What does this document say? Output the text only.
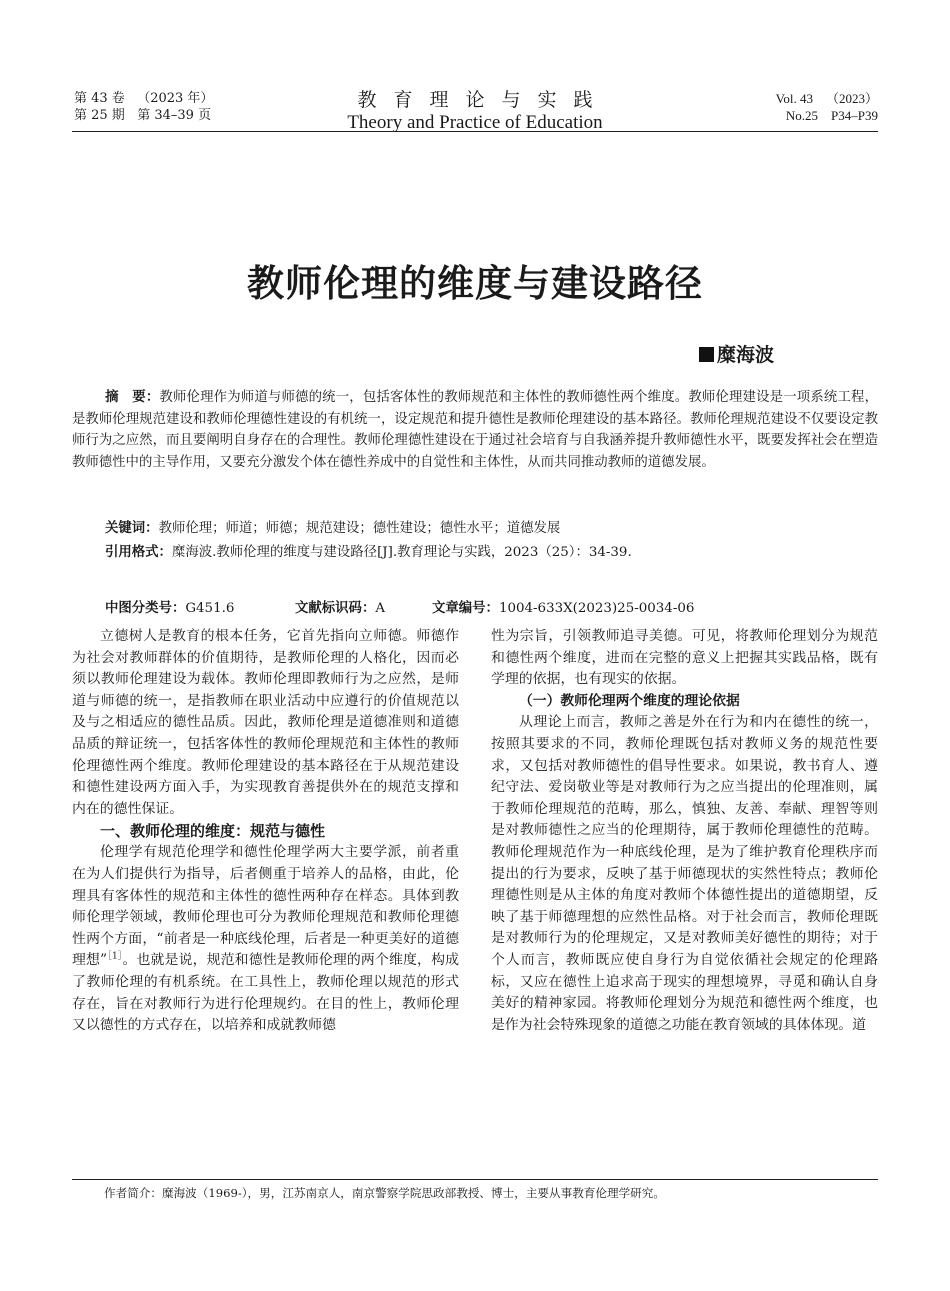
第 43 卷 （2023 年）
第 25 期 第 34–39 页
教育理论与实践
Theory and Practice of Education
Vol. 43 （2023）
No.25 P34–P39
教师伦理的维度与建设路径
糜海波
摘　要：教师伦理作为师道与师德的统一，包括客体性的教师规范和主体性的教师德性两个维度。教师伦理建设是一项系统工程，是教师伦理规范建设和教师伦理德性建设的有机统一，设定规范和提升德性是教师伦理建设的基本路径。教师伦理规范建设不仅要设定教师行为之应然，而且要阐明自身存在的合理性。教师伦理德性建设在于通过社会培育与自我涵养提升教师德性水平，既要发挥社会在塑造教师德性中的主导作用，又要充分激发个体在德性养成中的自觉性和主体性，从而共同推动教师的道德发展。
关键词：教师伦理；师道；师德；规范建设；德性建设；德性水平；道德发展
引用格式：糜海波.教师伦理的维度与建设路径[J].教育理论与实践，2023（25）：34-39.
中图分类号：G451.6	文献标识码：A	文章编号：1004-633X(2023)25-0034-06

立德树人是教育的根本任务，它首先指向立师德。师德作为社会对教师群体的价值期待，是教师伦理的人格化，因而必须以教师伦理建设为载体。教师伦理即教师行为之应然，是师道与师德的统一，是指教师在职业活动中应遵行的价值规范以及与之相适应的德性品质。因此，教师伦理是道德准则和道德品质的辩证统一，包括客体性的教师伦理规范和主体性的教师伦理德性两个维度。教师伦理建设的基本路径在于从规范建设和德性建设两方面入手，为实现教育善提供外在的规范支撑和内在的德性保证。

一、教师伦理的维度：规范与德性

伦理学有规范伦理学和德性伦理学两大主要学派，前者重在为人们提供行为指导，后者侧重于培养人的品格，由此，伦理具有客体性的规范和主体性的德性两种存在样态。具体到教师伦理学领域，教师伦理也可分为教师伦理规范和教师伦理德性两个方面，“前者是一种底线伦理，后者是一种更美好的道德理想”$^{[1]}$。也就是说，规范和德性是教师伦理的两个维度，构成了教师伦理的有机系统。在工具性上，教师伦理以规范的形式存在，旨在对教师行为进行伦理规约。在目的性上，教师伦理又以德性的方式存在，以培养和成就教师德

性为宗旨，引领教师追寻美德。可见，将教师伦理划分为规范和德性两个维度，进而在完整的意义上把握其实践品格，既有学理的依据，也有现实的依据。

（一）教师伦理两个维度的理论依据

从理论上而言，教师之善是外在行为和内在德性的统一，按照其要求的不同，教师伦理既包括对教师义务的规范性要求，又包括对教师德性的倡导性要求。如果说，教书育人、遵纪守法、爱岗敬业等是对教师行为之应当提出的伦理准则，属于教师伦理规范的范畴，那么，慎独、友善、奉献、理智等则是对教师德性之应当的伦理期待，属于教师伦理德性的范畴。教师伦理规范作为一种底线伦理，是为了维护教育伦理秩序而提出的行为要求，反映了基于师德现状的实然性特点；教师伦理德性则是从主体的角度对教师个体德性提出的道德期望，反映了基于师德理想的应然性品格。对于社会而言，教师伦理既是对教师行为的伦理规定，又是对教师美好德性的期待；对于个人而言，教师既应使自身行为自觉依循社会规定的伦理路标，又应在德性上追求高于现实的理想境界，寻觅和确认自身美好的精神家园。将教师伦理划分为规范和德性两个维度，也是作为社会特殊现象的道德之功能在教育领域的具体体现。道

作者简介：糜海波（1969-），男，江苏南京人，南京警察学院思政部教授、博士，主要从事教育伦理学研究。
